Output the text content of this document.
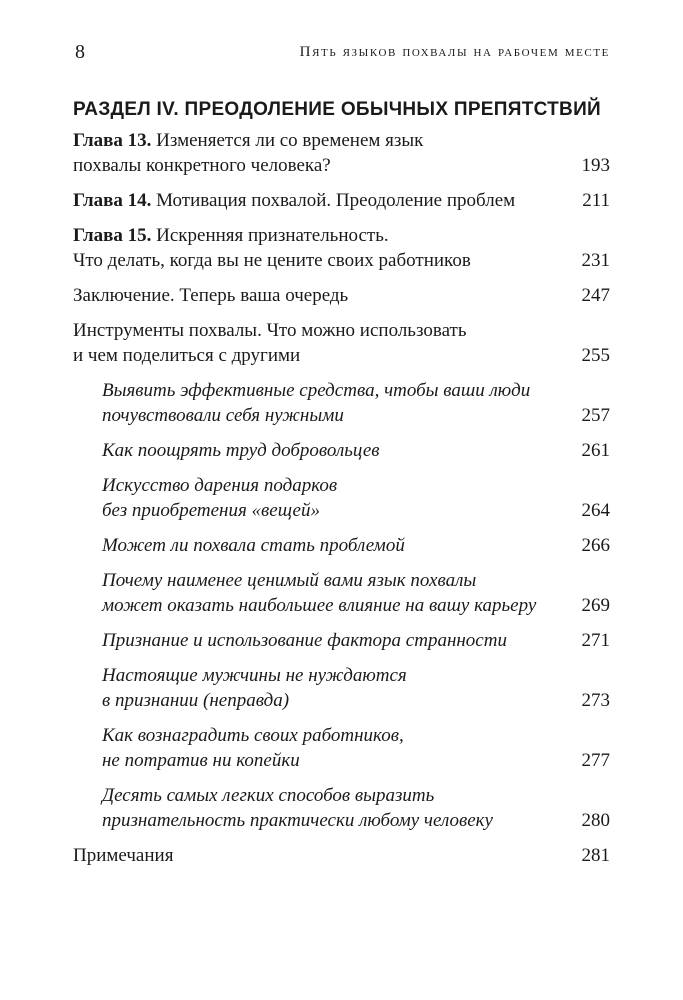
8	Пять языков похвалы на рабочем месте
РАЗДЕЛ IV. ПРЕОДОЛЕНИЕ ОБЫЧНЫХ ПРЕПЯТСТВИЙ
Глава 13. Изменяется ли со временем язык
похвалы конкретного человека?	193
Глава 14. Мотивация похвалой. Преодоление проблем	211
Глава 15. Искренняя признательность.
Что делать, когда вы не цените своих работников	231
Заключение. Теперь ваша очередь	247
Инструменты похвалы. Что можно использовать
и чем поделиться с другими	255
Выявить эффективные средства, чтобы ваши люди
почувствовали себя нужными	257
Как поощрять труд добровольцев	261
Искусство дарения подарков
без приобретения «вещей»	264
Может ли похвала стать проблемой	266
Почему наименее ценимый вами язык похвалы
может оказать наибольшее влияние на вашу карьеру	269
Признание и использование фактора странности	271
Настоящие мужчины не нуждаются
в признании (неправда)	273
Как вознаградить своих работников,
не потратив ни копейки	277
Десять самых легких способов выразить
признательность практически любому человеку	280
Примечания	281
